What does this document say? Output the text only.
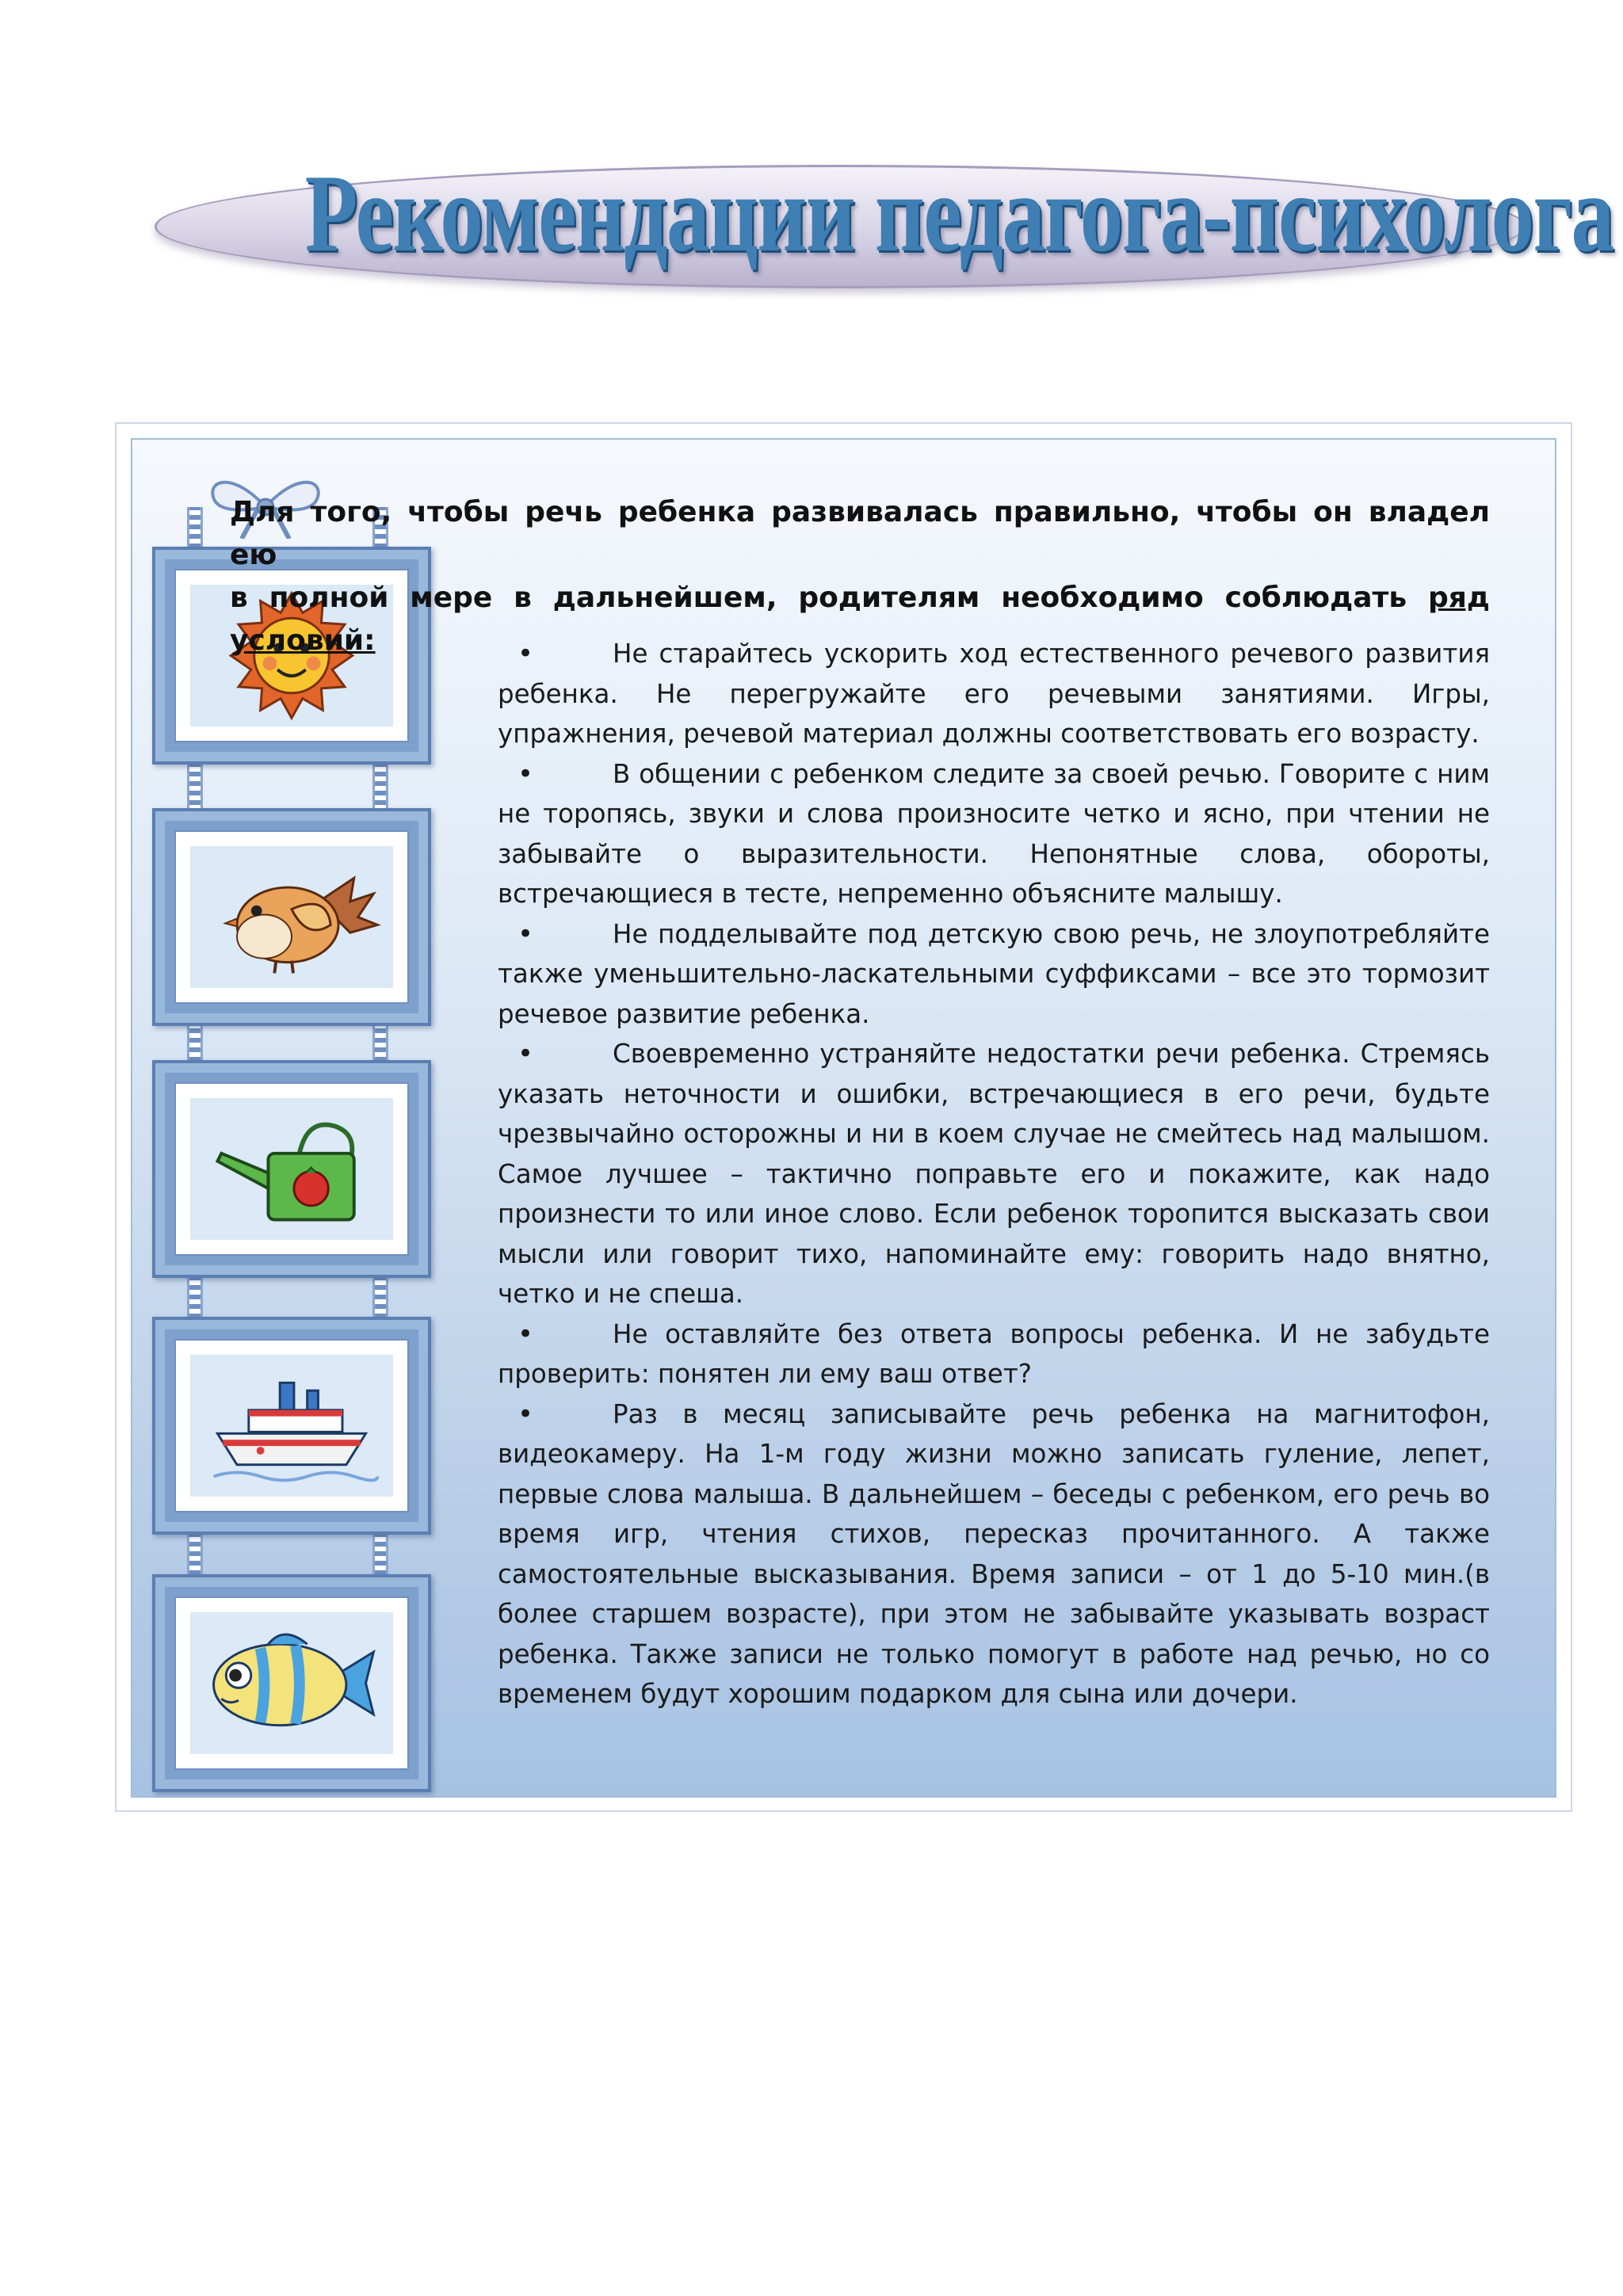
Рекомендации педагога-психолога
Для того, чтобы речь ребенка развивалась правильно, чтобы он владел ею
в полной мере в дальнейшем, родителям необходимо соблюдать ряд
условий:	•	Не старайтесь ускорить ход естественного речевого развития ребенка. Не перегружайте его речевыми занятиями. Игры, упражнения, речевой материал должны соответствовать его возрасту.
•	В общении с ребенком следите за своей речью. Говорите с ним не торопясь, звуки и слова произносите четко и ясно, при чтении не забывайте о выразительности. Непонятные слова, обороты, встречающиеся в тесте, непременно объясните малышу.
•	Не подделывайте под детскую свою речь, не злоупотребляйте также уменьшительно-ласкательными суффиксами – все это тормозит речевое развитие ребенка.
•	Своевременно устраняйте недостатки речи ребенка. Стремясь указать неточности и ошибки, встречающиеся в его речи, будьте чрезвычайно осторожны и ни в коем случае не смейтесь над малышом. Самое лучшее – тактично поправьте его и покажите, как надо произнести то или иное слово. Если ребенок торопится высказать свои мысли или говорит тихо, напоминайте ему: говорить надо внятно, четко и не спеша.
•	Не оставляйте без ответа вопросы ребенка. И не забудьте проверить: понятен ли ему ваш ответ?
•	Раз в месяц записывайте речь ребенка на магнитофон, видеокамеру. На 1-м году жизни можно записать гуление, лепет, первые слова малыша. В дальнейшем – беседы с ребенком, его речь во время игр, чтения стихов, пересказ прочитанного. А также самостоятельные высказывания. Время записи – от 1 до 5-10 мин.(в более старшем возрасте), при этом не забывайте указывать возраст ребенка. Также записи не только помогут в работе над речью, но со временем будут хорошим подарком для сына или дочери.
